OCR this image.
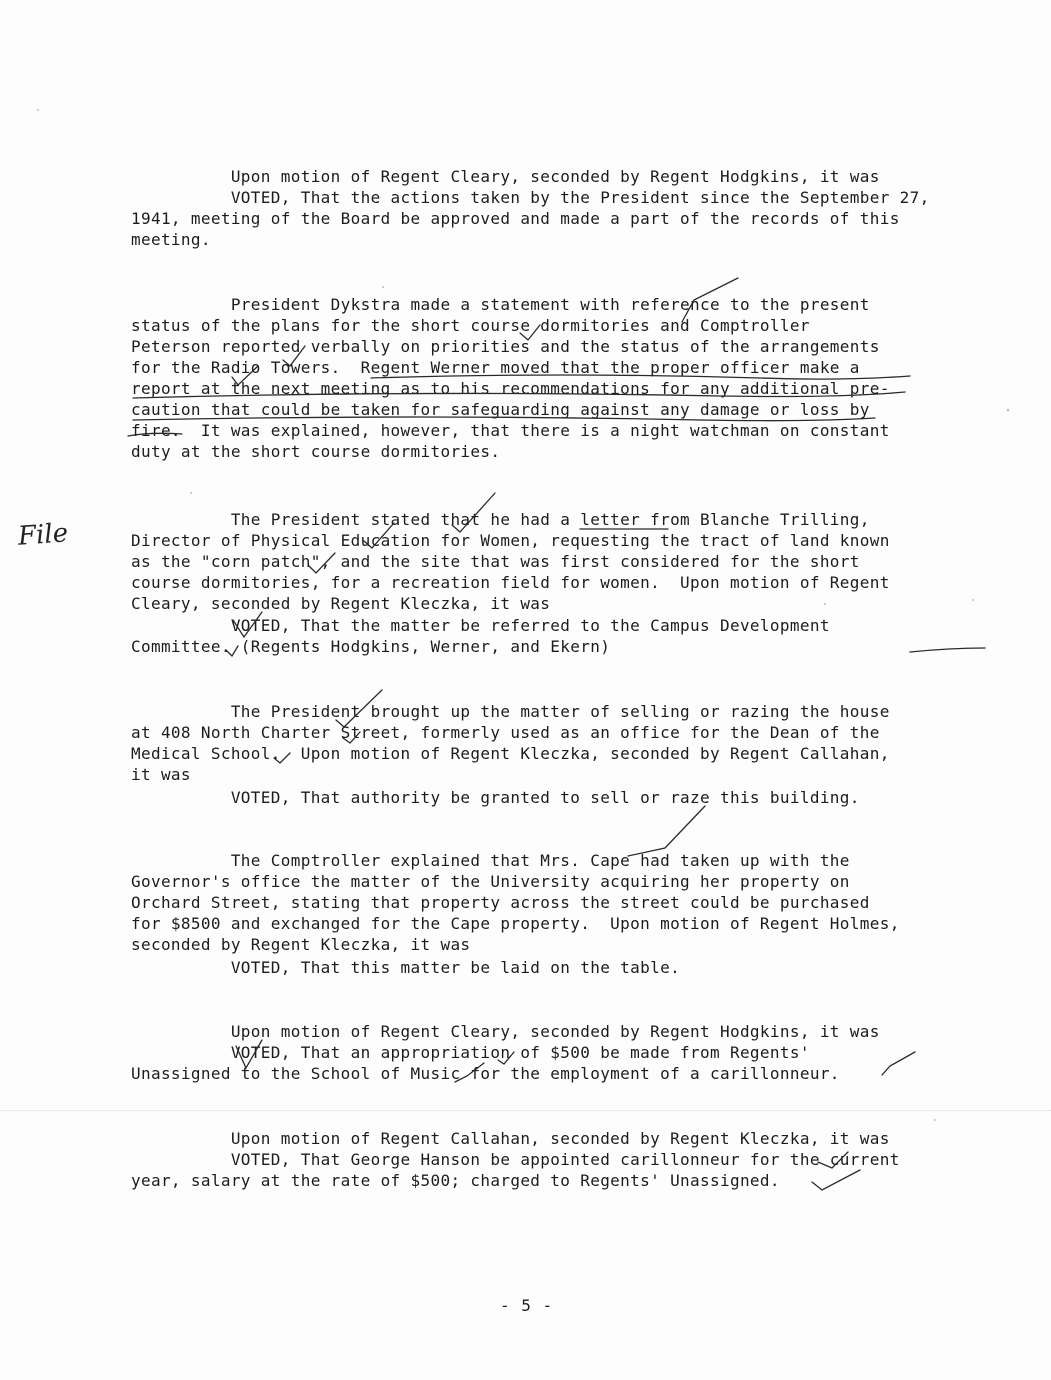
Upon motion of Regent Cleary, seconded by Regent Hodgkins, it was
VOTED, That the actions taken by the President since the September 27,
1941, meeting of the Board be approved and made a part of the records of this
meeting.
President Dykstra made a statement with reference to the present
status of the plans for the short course dormitories and Comptroller
Peterson reported verbally on priorities and the status of the arrangements
for the Radio Towers.  Regent Werner moved that the proper officer make a
report at the next meeting as to his recommendations for any additional pre-
caution that could be taken for safeguarding against any damage or loss by
fire.  It was explained, however, that there is a night watchman on constant
duty at the short course dormitories.
The President stated that he had a letter from Blanche Trilling,
Director of Physical Education for Women, requesting the tract of land known
as the "corn patch", and the site that was first considered for the short
course dormitories, for a recreation field for women.  Upon motion of Regent
Cleary, seconded by Regent Kleczka, it was
VOTED, That the matter be referred to the Campus Development
Committee. (Regents Hodgkins, Werner, and Ekern)
The President brought up the matter of selling or razing the house
at 408 North Charter Street, formerly used as an office for the Dean of the
Medical School.  Upon motion of Regent Kleczka, seconded by Regent Callahan,
it was
VOTED, That authority be granted to sell or raze this building.
The Comptroller explained that Mrs. Cape had taken up with the
Governor's office the matter of the University acquiring her property on
Orchard Street, stating that property across the street could be purchased
for $8500 and exchanged for the Cape property.  Upon motion of Regent Holmes,
seconded by Regent Kleczka, it was
VOTED, That this matter be laid on the table.
Upon motion of Regent Cleary, seconded by Regent Hodgkins, it was
VOTED, That an appropriation of $500 be made from Regents'
Unassigned to the School of Music for the employment of a carillonneur.
Upon motion of Regent Callahan, seconded by Regent Kleczka, it was
VOTED, That George Hanson be appointed carillonneur for the current
year, salary at the rate of $500; charged to Regents' Unassigned.
File
- 5 -
